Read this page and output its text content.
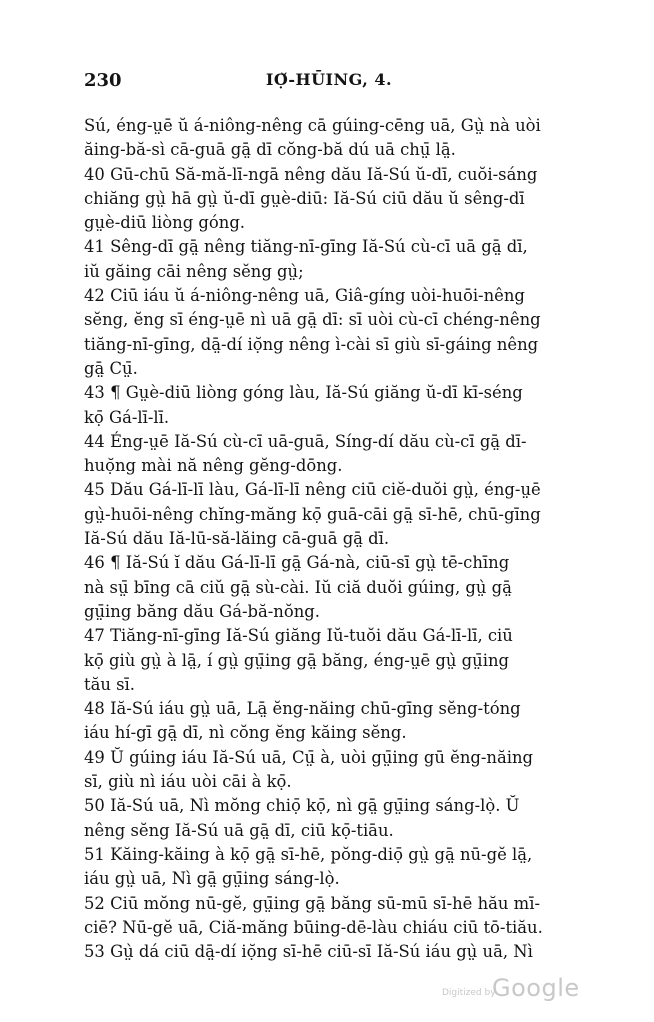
230	IỌ̆-HŪING, 4.
Sú, éng-ṳē ŭ á-niông-nêng cā gúing-cēng uā, Gṳ̀ nà uòi
ăing-bă-sì cā-guā gā̤ dī cŏng-bă dú uā chṳ̄ lā̤.
40 Gū-chū Să-mă-lī-ngā nêng dău Iă-Sú ŭ-dī, cuŏi-sáng
chiăng gṳ̀ hā gṳ̀ ŭ-dī gṳè-diū: Iă-Sú ciū dău ŭ sêng-dī
gṳè-diū liòng góng.
41 Sêng-dī gā̤ nêng tiăng-nī-gīng Iă-Sú cù-cī uā gā̤ dī,
iŭ găing cāi nêng sĕng gṳ̀;
42 Ciū iáu ŭ á-niông-nêng uā, Giâ-gíng uòi-huōi-nêng
sĕng, ĕng sī éng-ṳē nì uā gā̤ dī: sī uòi cù-cī chéng-nêng
tiăng-nī-gīng, dā̤-dí iọ̆ng nêng ì-cài sī giù sī-gáing nêng
gā̤ Cṳ̄.
43 ¶ Gṳè-diū liòng góng làu, Iă-Sú giăng ŭ-dī kī-séng
kọ̄ Gá-lī-lī.
44 Éng-ṳē Iă-Sú cù-cī uā-guā, Síng-dí dău cù-cī gā̤ dī-
huọ̆ng mài nă nêng gĕng-dōng.
45 Dău Gá-lī-lī làu, Gá-lī-lī nêng ciū ciĕ-duŏi gṳ̀, éng-ṳē
gṳ̀-huōi-nêng chĭng-măng kọ̄ guā-cāi gā̤ sī-hē, chū-gīng
Iă-Sú dău Iă-lū-să-lăing cā-guā gā̤ dī.
46 ¶ Iă-Sú ĭ dău Gá-lī-lī gā̤ Gá-nà, ciū-sī gṳ̀ tē-chīng
nà sṳ̄ bīng cā ciŭ gā̤ sù-cài. Iŭ ciă duŏi gúing, gṳ̀ gā̤
gṳ̄ing băng dău Gá-bă-nŏng.
47 Tiăng-nī-gīng Iă-Sú giăng Iŭ-tuŏi dău Gá-lī-lī, ciū
kọ̄ giù gṳ̀ à lā̤, í gṳ̀ gṳ̄ing gā̤ băng, éng-ṳē gṳ̀ gṳ̄ing
tău sī.
48 Iă-Sú iáu gṳ̀ uā, Lā̤ ĕng-năing chū-gīng sĕng-tóng
iáu hí-gī gā̤ dī, nì cŏng ĕng kăing sĕng.
49 Ŭ gúing iáu Iă-Sú uā, Cṳ̄ à, uòi gṳ̄ing gū ĕng-năing
sī, giù nì iáu uòi cāi à kọ̄.
50 Iă-Sú uā, Nì mŏng chiọ̄ kọ̄, nì gā̤ gṳ̄ing sáng-lọ̀. Ŭ
nêng sĕng Iă-Sú uā gā̤ dī, ciū kọ̄-tiāu.
51 Kăing-kăing à kọ̄ gā̤ sī-hē, pŏng-diọ̄ gṳ̀ gā̤ nū-gĕ lā̤,
iáu gṳ̀ uā, Nì gā̤ gṳ̄ing sáng-lọ̀.
52 Ciū mŏng nū-gĕ, gṳ̄ing gā̤ băng sū-mū sī-hē hău mī-
ciē? Nū-gĕ uā, Ciă-măng būing-dē-làu chiáu ciū tō-tiău.
53 Gṳ̀ dá ciū dā̤-dí iọ̆ng sī-hē ciū-sī Iă-Sú iáu gṳ̀ uā, Nì
Digitized by
Google
